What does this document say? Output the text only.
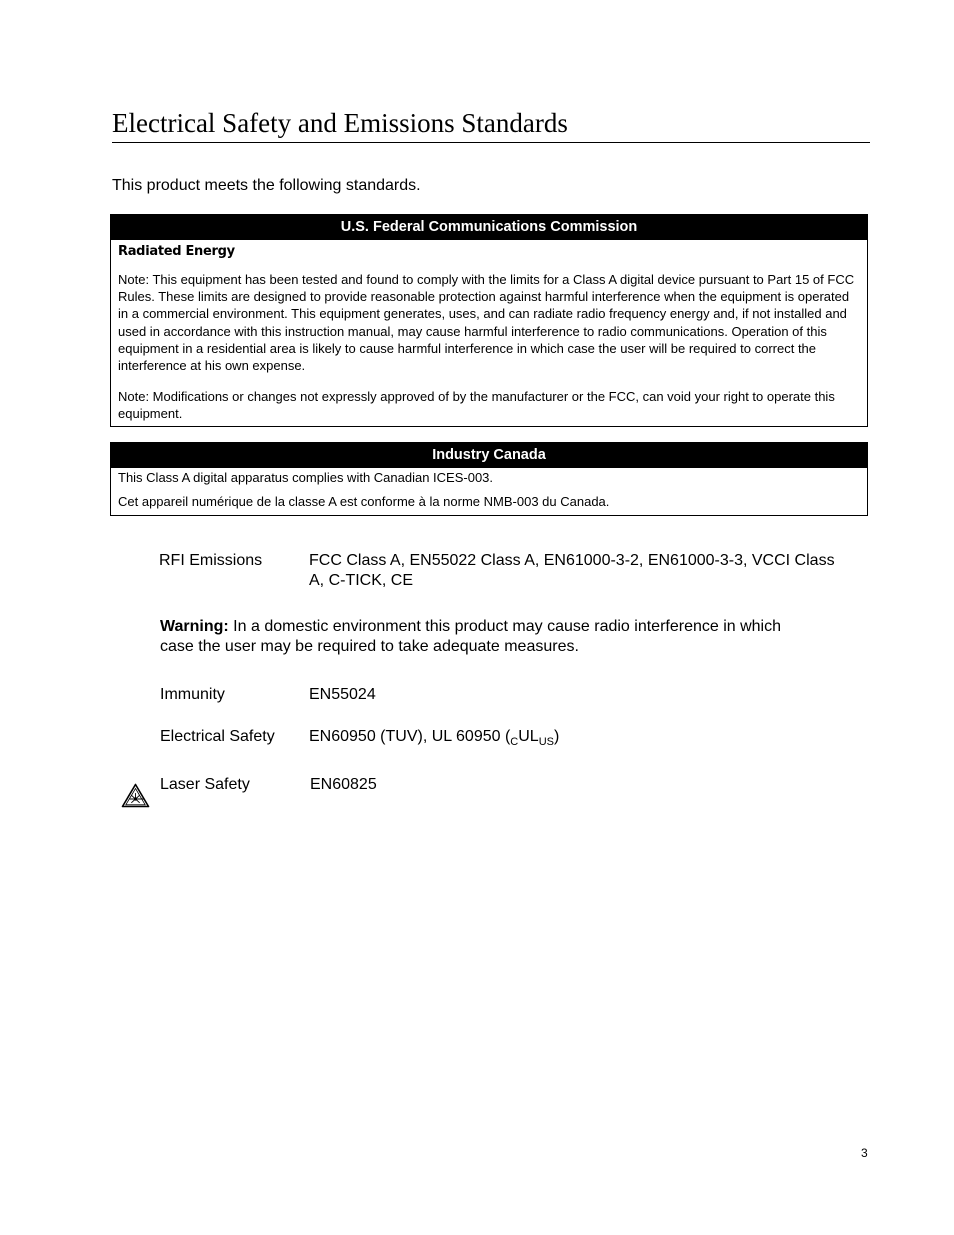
Electrical Safety and Emissions Standards
This product meets the following standards.
U.S. Federal Communications Commission
Radiated Energy
Note: This equipment has been tested and found to comply with the limits for a Class A digital device pursuant to Part 15 of FCC Rules. These limits are designed to provide reasonable protection against harmful interference when the equipment is operated in a commercial environment. This equipment generates, uses, and can radiate radio frequency energy and, if not installed and used in accordance with this instruction manual, may cause harmful interference to radio communications. Operation of this equipment in a residential area is likely to cause harmful interference in which case the user will be required to correct the interference at his own expense.
Note: Modifications or changes not expressly approved of by the manufacturer or the FCC, can void your right to operate this equipment.
Industry Canada
This Class A digital apparatus complies with Canadian ICES-003.
Cet appareil numérique de la classe A est conforme à la norme NMB-003 du Canada.
RFI Emissions	FCC Class A, EN55022 Class A, EN61000-3-2, EN61000-3-3, VCCI Class A, C-TICK, CE
Warning: In a domestic environment this product may cause radio interference in which case the user may be required to take adequate measures.
Immunity	EN55024
Electrical Safety EN60950 (TUV), UL 60950 $(_CUL_{US})$
Laser Safety	EN60825
3
